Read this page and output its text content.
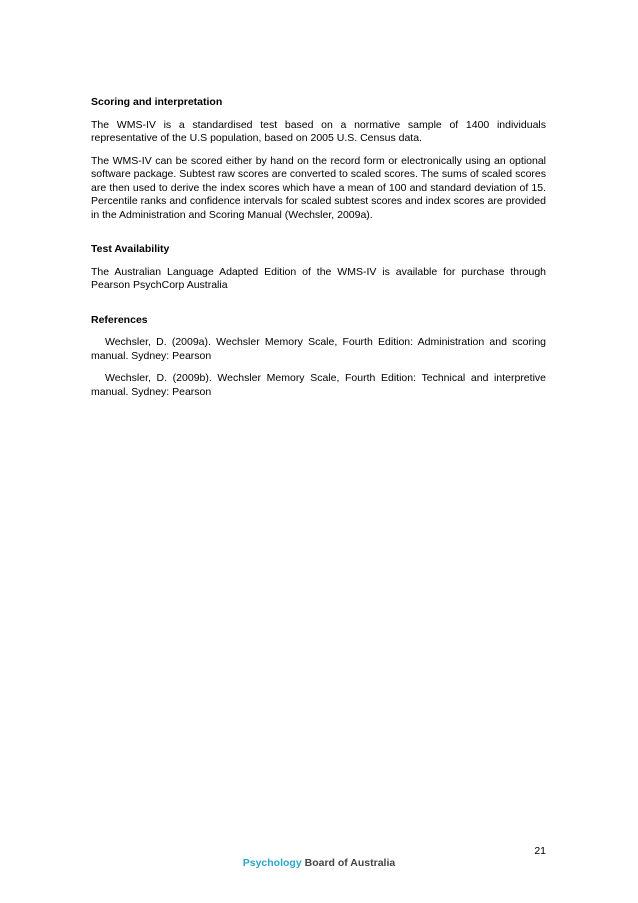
Scoring and interpretation

The WMS-IV is a standardised test based on a normative sample of 1400 individuals representative of the U.S population, based on 2005 U.S. Census data.

The WMS-IV can be scored either by hand on the record form or electronically using an optional software package. Subtest raw scores are converted to scaled scores. The sums of scaled scores are then used to derive the index scores which have a mean of 100 and standard deviation of 15. Percentile ranks and confidence intervals for scaled subtest scores and index scores are provided in the Administration and Scoring Manual (Wechsler, 2009a).

Test Availability

The Australian Language Adapted Edition of the WMS-IV is available for purchase through Pearson PsychCorp Australia

References

Wechsler, D. (2009a). Wechsler Memory Scale, Fourth Edition: Administration and scoring manual. Sydney: Pearson

Wechsler, D. (2009b). Wechsler Memory Scale, Fourth Edition: Technical and interpretive manual. Sydney: Pearson

21
Psychology Board of Australia
